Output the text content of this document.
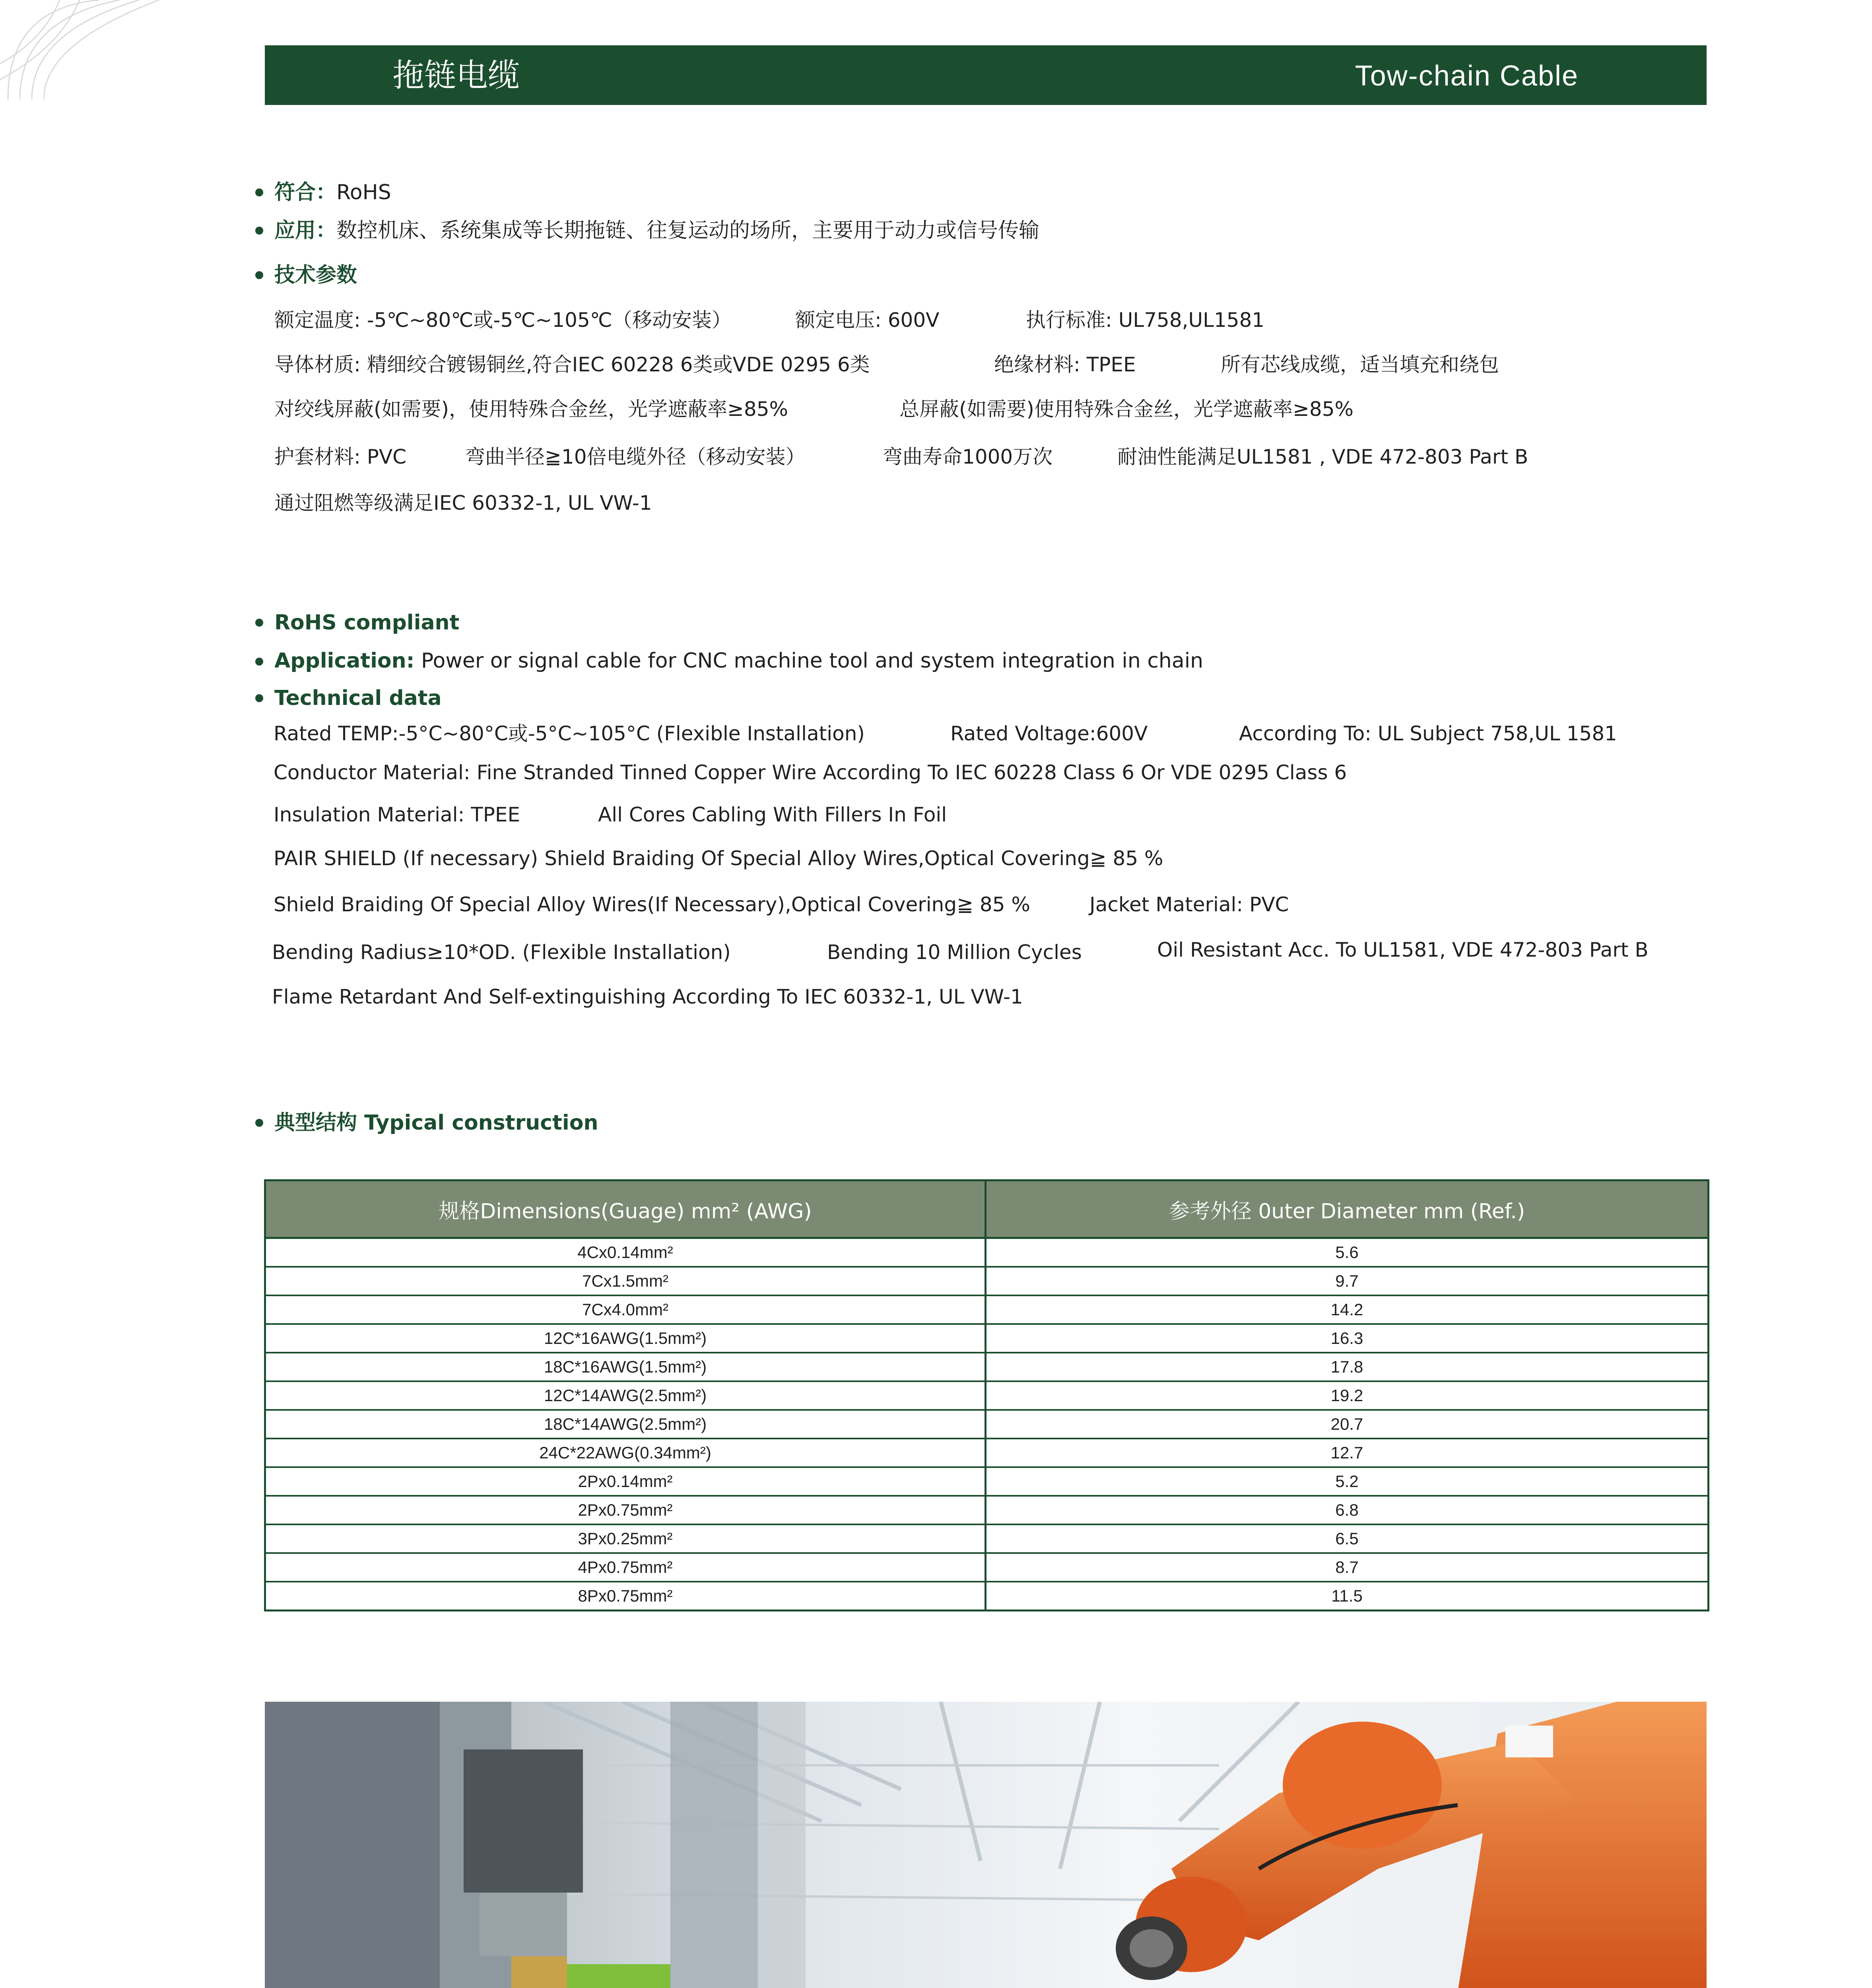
拖链电缆	Tow-chain Cable
符合：RoHS
应用：数控机床、系统集成等长期拖链、往复运动的场所，主要用于动力或信号传输
技术参数
额定温度: -5℃~80℃或-5℃~105℃（移动安装）	额定电压: 600V	执行标准: UL758,UL1581
导体材质: 精细绞合镀锡铜丝,符合IEC 60228 6类或VDE 0295 6类	绝缘材料: TPEE	所有芯线成缆，适当填充和绕包
对绞线屏蔽(如需要)，使用特殊合金丝，光学遮蔽率≥85%	总屏蔽(如需要)使用特殊合金丝，光学遮蔽率≥85%
护套材料: PVC	弯曲半径≧10倍电缆外径（移动安装）	弯曲寿命1000万次	耐油性能满足UL1581 , VDE 472-803 Part B
通过阻燃等级满足IEC 60332-1, UL VW-1
RoHS compliant
Application: Power or signal cable for CNC machine tool and system integration in chain
Technical data
Rated TEMP:-5°C~80°C或-5°C~105°C (Flexible Installation)	Rated Voltage:600V	According To: UL Subject 758,UL 1581
Conductor Material: Fine Stranded Tinned Copper Wire According To IEC 60228 Class 6 Or VDE 0295 Class 6
Insulation Material: TPEE	All Cores Cabling With Fillers In Foil
PAIR SHIELD (If necessary) Shield Braiding Of Special Alloy Wires,Optical Covering≧ 85 %
Shield Braiding Of Special Alloy Wires(If Necessary),Optical Covering≧ 85 %	Jacket Material: PVC
Bending Radius≥10*OD. (Flexible Installation)	Bending 10 Million Cycles	Oil Resistant Acc. To UL1581, VDE 472-803 Part B
Flame Retardant And Self-extinguishing According To IEC 60332-1, UL VW-1
典型结构 Typical construction
规格Dimensions(Guage) mm² (AWG)	参考外径 0uter Diameter mm (Ref.)
4Cx0.14mm²	5.6
7Cx1.5mm²	9.7
7Cx4.0mm²	14.2
12C*16AWG(1.5mm²)	16.3
18C*16AWG(1.5mm²)	17.8
12C*14AWG(2.5mm²)	19.2
18C*14AWG(2.5mm²)	20.7
24C*22AWG(0.34mm²)	12.7
2Px0.14mm²	5.2
2Px0.75mm²	6.8
3Px0.25mm²	6.5
4Px0.75mm²	8.7
8Px0.75mm²	11.5
